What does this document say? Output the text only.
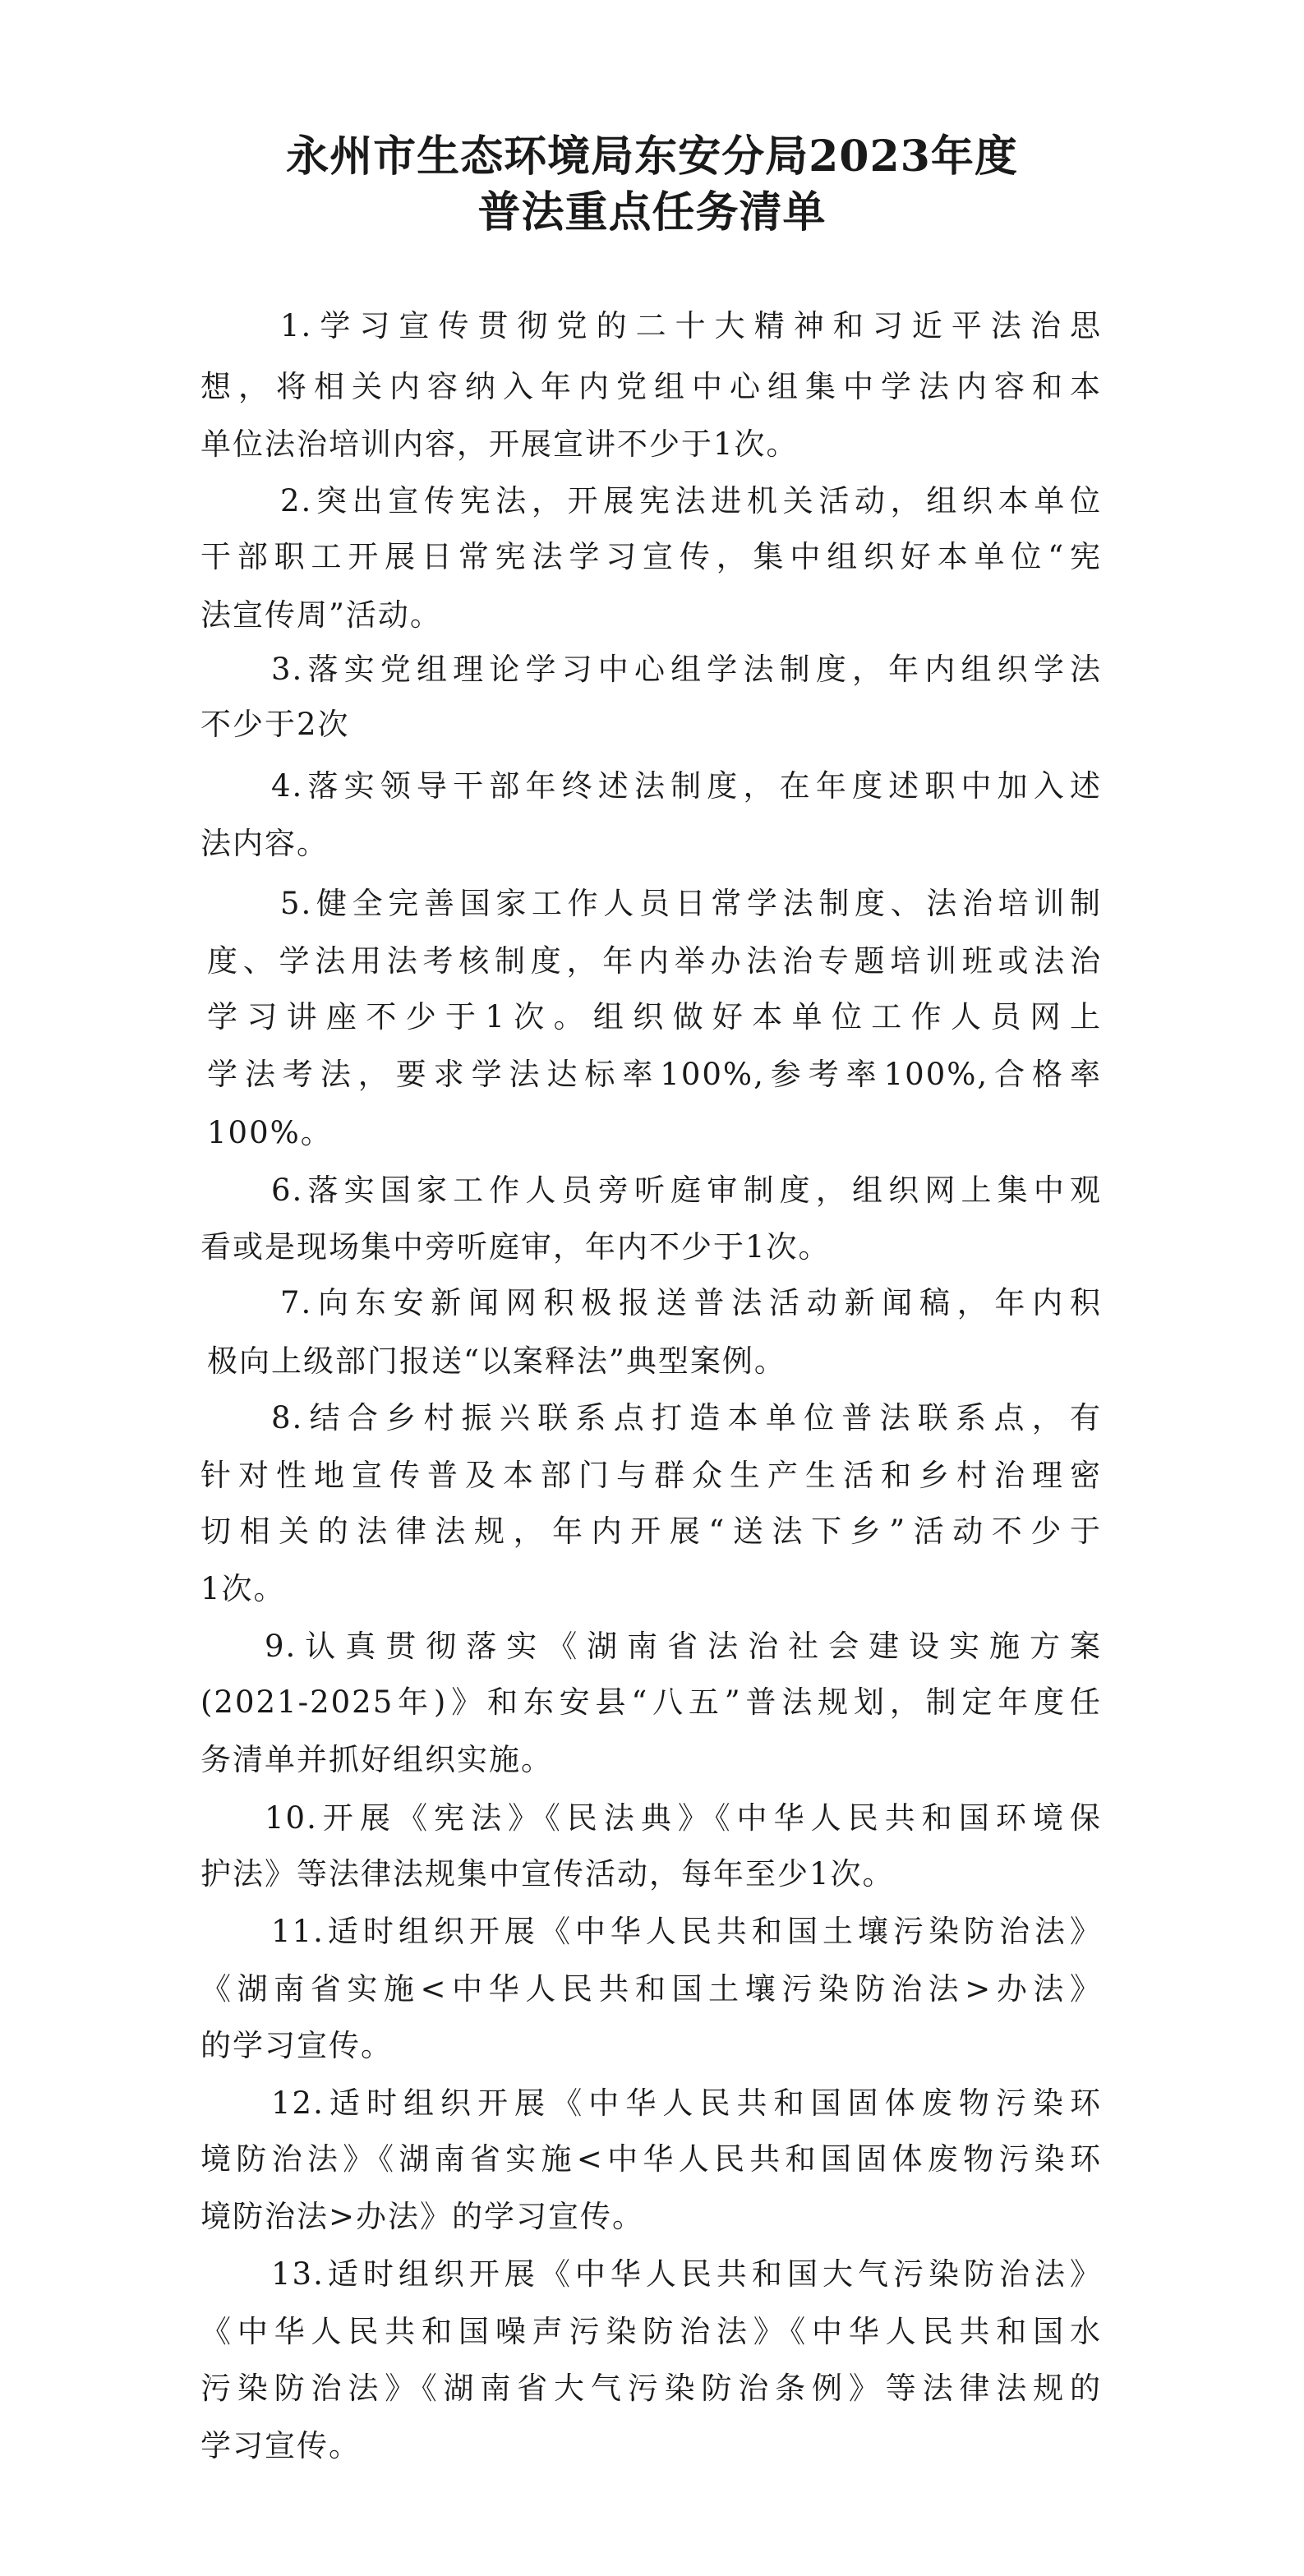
永州市生态环境局东安分局2023年度
普法重点任务清单
1.学习宣传贯彻党的二十大精神和习近平法治思
想，将相关内容纳入年内党组中心组集中学法内容和本
单位法治培训内容，开展宣讲不少于1次。
2.突出宣传宪法，开展宪法进机关活动，组织本单位
干部职工开展日常宪法学习宣传，集中组织好本单位“宪
法宣传周”活动。
3.落实党组理论学习中心组学法制度，年内组织学法
不少于2次
4.落实领导干部年终述法制度，在年度述职中加入述
法内容。
5.健全完善国家工作人员日常学法制度、法治培训制
度、学法用法考核制度，年内举办法治专题培训班或法治
学习讲座不少于1次。组织做好本单位工作人员网上
学法考法，要求学法达标率100%,参考率100%,合格率
100%。
6.落实国家工作人员旁听庭审制度，组织网上集中观
看或是现场集中旁听庭审，年内不少于1次。
7.向东安新闻网积极报送普法活动新闻稿，年内积
极向上级部门报送“以案释法”典型案例。
8.结合乡村振兴联系点打造本单位普法联系点，有
针对性地宣传普及本部门与群众生产生活和乡村治理密
切相关的法律法规，年内开展“送法下乡”活动不少于
1次。
9.认真贯彻落实《湖南省法治社会建设实施方案
(2021-2025年)》和东安县“八五”普法规划，制定年度任
务清单并抓好组织实施。
10.开展《宪法》《民法典》《中华人民共和国环境保
护法》等法律法规集中宣传活动，每年至少1次。
11.适时组织开展《中华人民共和国土壤污染防治法》
《湖南省实施<中华人民共和国土壤污染防治法>办法》
的学习宣传。
12.适时组织开展《中华人民共和国固体废物污染环
境防治法》《湖南省实施<中华人民共和国固体废物污染环
境防治法>办法》的学习宣传。
13.适时组织开展《中华人民共和国大气污染防治法》
《中华人民共和国噪声污染防治法》《中华人民共和国水
污染防治法》《湖南省大气污染防治条例》等法律法规的
学习宣传。
